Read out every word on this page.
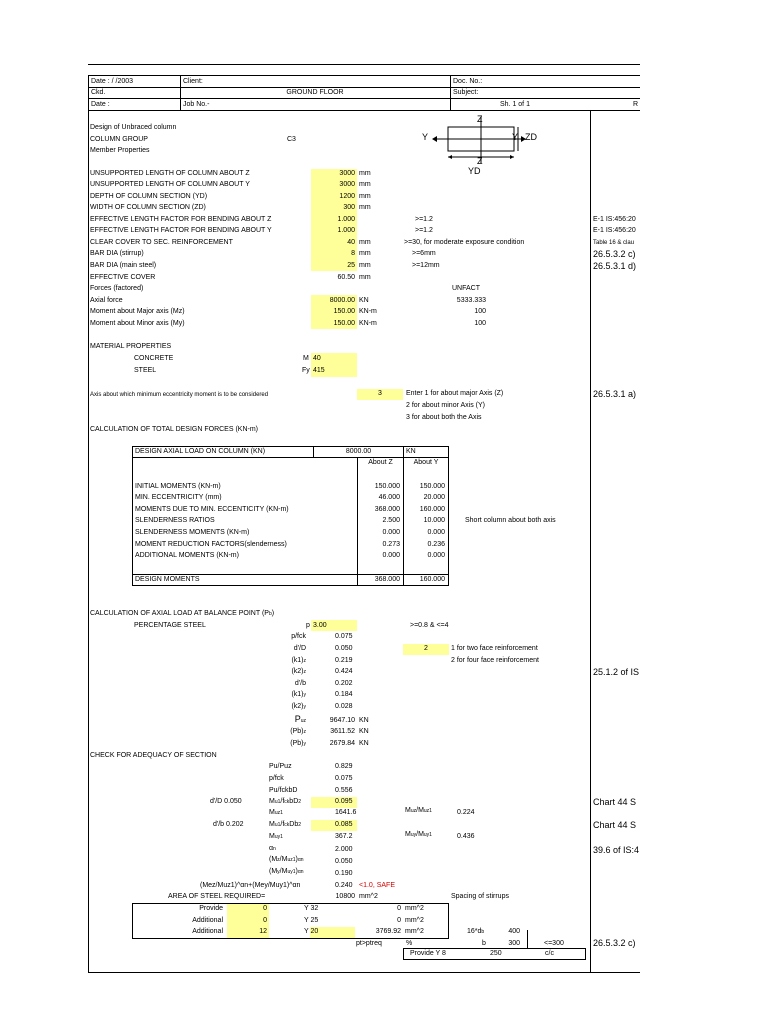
Date : / /2003	Client:	Doc. No.:
Ckd.	GROUND FLOOR	Subject:
Date :	Job No.-	Sh. 1 of 1	R
Design of Unbraced column
COLUMN GROUP	C3
Member Properties
Y	Y
Z
Z
ZD
YD
UNSUPPORTED LENGTH OF COLUMN ABOUT Z	3000 mm
UNSUPPORTED LENGTH OF COLUMN ABOUT Y	3000 mm
DEPTH OF COLUMN SECTION (YD)	1200 mm
WIDTH OF COLUMN SECTION (ZD)	300 mm
EFFECTIVE LENGTH FACTOR FOR BENDING ABOUT Z	1.000	>=1.2	E-1 IS:456:20
EFFECTIVE LENGTH FACTOR FOR BENDING ABOUT Y	1.000	>=1.2	E-1 IS:456:20
CLEAR COVER TO SEC. REINFORCEMENT	40 mm	>=30, for moderate exposure condition	Table 16 & clau
BAR DIA (stirrup)	8 mm	>=6mm	26.5.3.2 c)
BAR DIA (main steel)	25 mm	>=12mm	26.5.3.1 d)
EFFECTIVE COVER	60.50 mm
Forces (factored)	UNFACT
Axial force	8000.00 KN	5333.333
Moment about Major axis (Mz)	150.00 KN-m	100
Moment about Minor axis (My)	150.00 KN-m	100
MATERIAL PROPERTIES
CONCRETE	M 40
STEEL	Fy 415
Axis about which minimum eccentricity moment is to be considered	3	Enter 1 for about major Axis (Z)
2 for about minor Axis (Y)
3 for about both the Axis
26.5.3.1 a)
CALCULATION OF TOTAL DESIGN FORCES (KN-m)
DESIGN AXIAL LOAD ON COLUMN (KN)	8000.00	KN
About Z	About Y
INITIAL MOMENTS (KN-m)	150.000	150.000
MIN. ECCENTRICITY (mm)	46.000	20.000
MOMENTS DUE TO MIN. ECCENTICITY (KN-m)	368.000	160.000
SLENDERNESS RATIOS	2.500	10.000	Short column about both axis
SLENDERNESS MOMENTS (KN-m)	0.000	0.000
MOMENT REDUCTION FACTORS(slenderness)	0.273	0.236
ADDITIONAL MOMENTS (KN-m)	0.000	0.000
DESIGN MOMENTS	368.000	160.000
CALCULATION OF AXIAL LOAD AT BALANCE POINT (Pb)
PERCENTAGE STEEL	p 3.00	>=0.8 & <=4
p/fck	0.075
d'/D	0.050	2	1 for two face reinforcement
2 for four face reinforcement
(k1)z	0.219
25.1.2 of IS
(k2)z	0.424
d'/b	0.202
(k1)y	0.184
(k2)y	0.028
Puz	9647.10 KN
(Pb)z	3611.52 KN
(Pb)y	2679.84 KN
CHECK FOR ADEQUACY OF SECTION
Pu/Puz	0.829
p/fck	0.075
Pu/fckbD	0.556
d'/D 0.050	Mu1/fckbD$^2$	0.095
Muz1	1641.6	Muz/Muz1	0.224
Chart 44 S
d'/b 0.202	Mu1/fckDb$^2$	0.085	Chart 44 S
Muy1	367.2	Muy/Muy1	0.436
αn	2.000	39.6 of IS:4
$(Mz/Muz1)^{\alpha n}$	0.050
$(My/Muy1)^{\alpha n}$	0.190
(Mez/Muz1)^αn+(Mey/Muy1)^αn	0.240 <1.0, SAFE
AREA OF STEEL REQUIRED=	10800 mm^2	Spacing of stirrups
Provide	0	Y 32	0 mm^2
Additional	0	Y 25	0 mm^2
Additional	12	Y 20	3769.92 mm^2	16*db	400
b	300	<=300
pt>ptreq	%	26.5.3.2 c)
Provide Y 8	250	c/c
